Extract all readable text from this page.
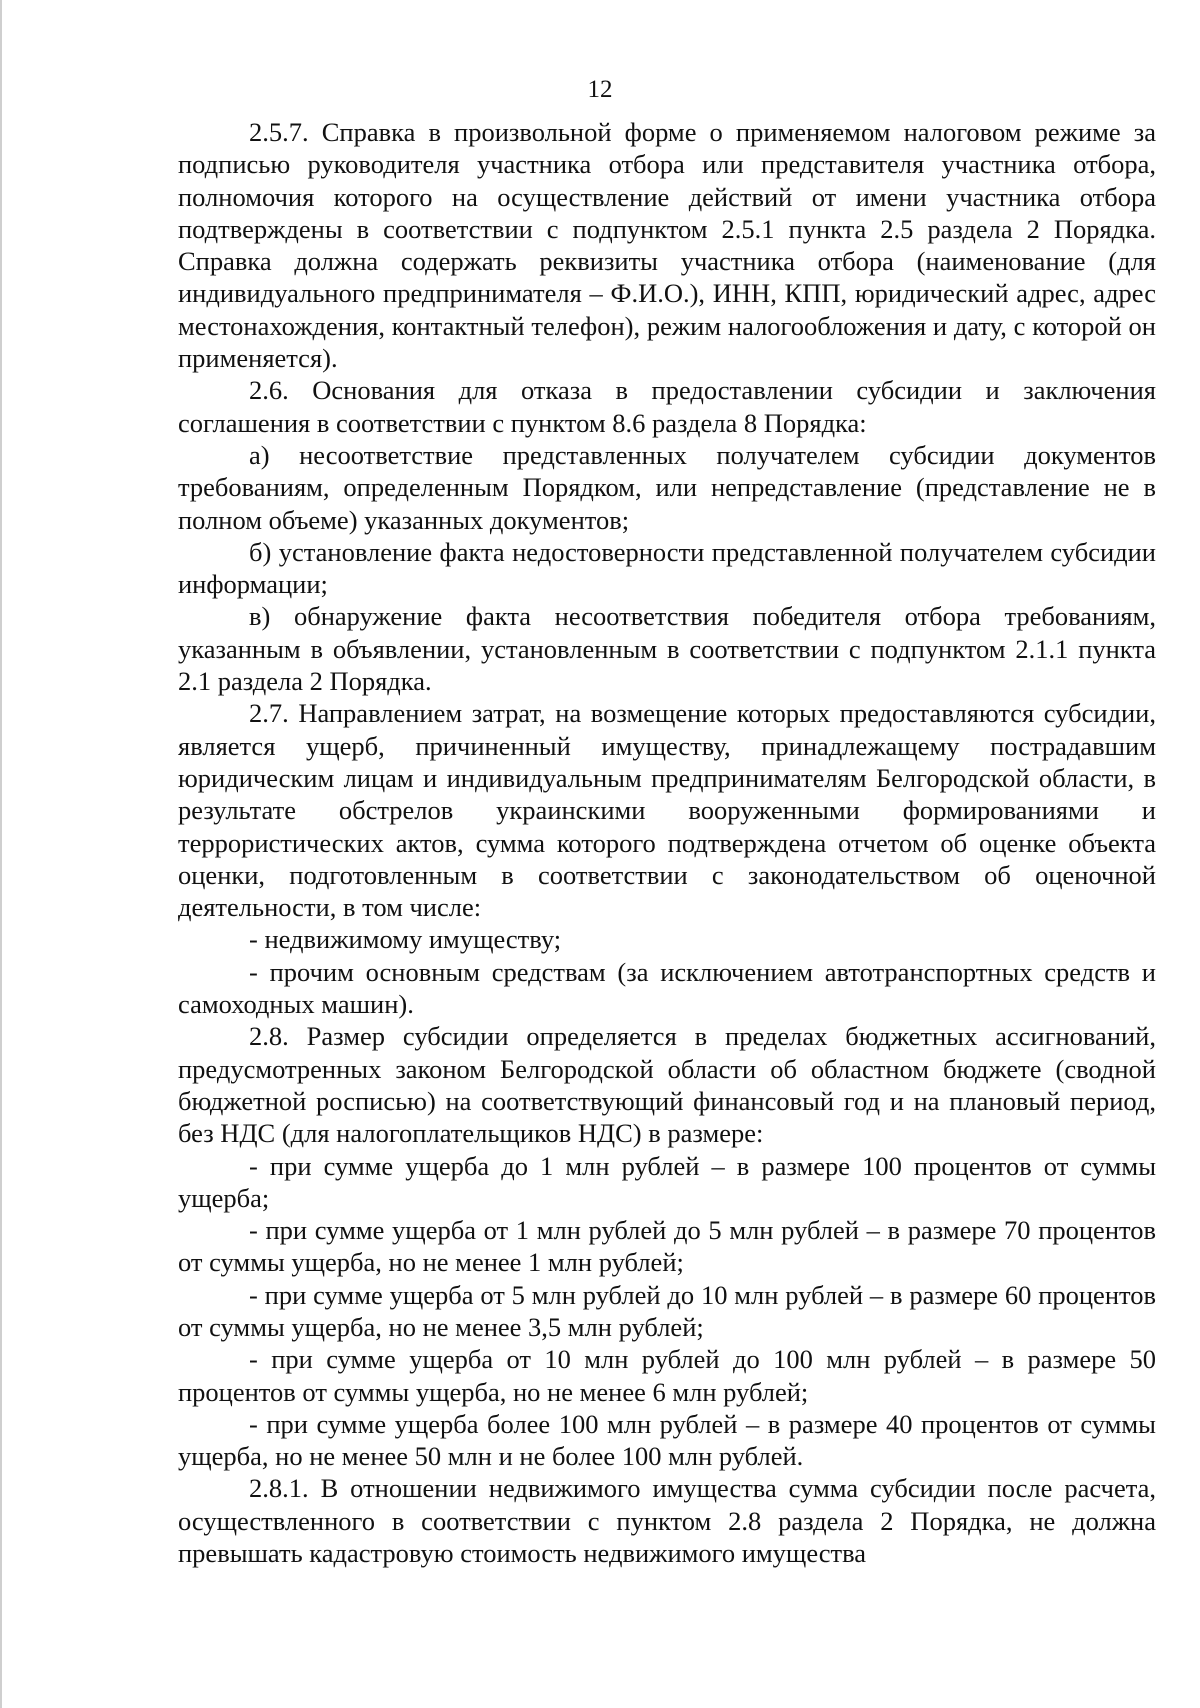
12

2.5.7. Справка в произвольной форме о применяемом налоговом режиме за подписью руководителя участника отбора или представителя участника отбора, полномочия которого на осуществление действий от имени участника отбора подтверждены в соответствии с подпунктом 2.5.1 пункта 2.5 раздела 2 Порядка. Справка должна содержать реквизиты участника отбора (наименование (для индивидуального предпринимателя – Ф.И.О.), ИНН, КПП, юридический адрес, адрес местонахождения, контактный телефон), режим налогообложения и дату, с которой он применяется).

2.6. Основания для отказа в предоставлении субсидии и заключения соглашения в соответствии с пунктом 8.6 раздела 8 Порядка:

а) несоответствие представленных получателем субсидии документов требованиям, определенным Порядком, или непредставление (представление не в полном объеме) указанных документов;

б) установление факта недостоверности представленной получателем субсидии информации;

в) обнаружение факта несоответствия победителя отбора требованиям, указанным в объявлении, установленным в соответствии с подпунктом 2.1.1 пункта 2.1 раздела 2 Порядка.

2.7. Направлением затрат, на возмещение которых предоставляются субсидии, является ущерб, причиненный имуществу, принадлежащему пострадавшим юридическим лицам и индивидуальным предпринимателям Белгородской области, в результате обстрелов украинскими вооруженными формированиями и террористических актов, сумма которого подтверждена отчетом об оценке объекта оценки, подготовленным в соответствии с законодательством об оценочной деятельности, в том числе:

- недвижимому имуществу;

- прочим основным средствам (за исключением автотранспортных средств и самоходных машин).

2.8. Размер субсидии определяется в пределах бюджетных ассигнований, предусмотренных законом Белгородской области об областном бюджете (сводной бюджетной росписью) на соответствующий финансовый год и на плановый период, без НДС (для налогоплательщиков НДС) в размере:

- при сумме ущерба до 1 млн рублей – в размере 100 процентов от суммы ущерба;

- при сумме ущерба от 1 млн рублей до 5 млн рублей – в размере 70 процентов от суммы ущерба, но не менее 1 млн рублей;

- при сумме ущерба от 5 млн рублей до 10 млн рублей – в размере 60 процентов от суммы ущерба, но не менее 3,5 млн рублей;

- при сумме ущерба от 10 млн рублей до 100 млн рублей – в размере 50 процентов от суммы ущерба, но не менее 6 млн рублей;

- при сумме ущерба более 100 млн рублей – в размере 40 процентов от суммы ущерба, но не менее 50 млн и не более 100 млн рублей.

2.8.1. В отношении недвижимого имущества сумма субсидии после расчета, осуществленного в соответствии с пунктом 2.8 раздела 2 Порядка, не должна превышать кадастровую стоимость недвижимого имущества
